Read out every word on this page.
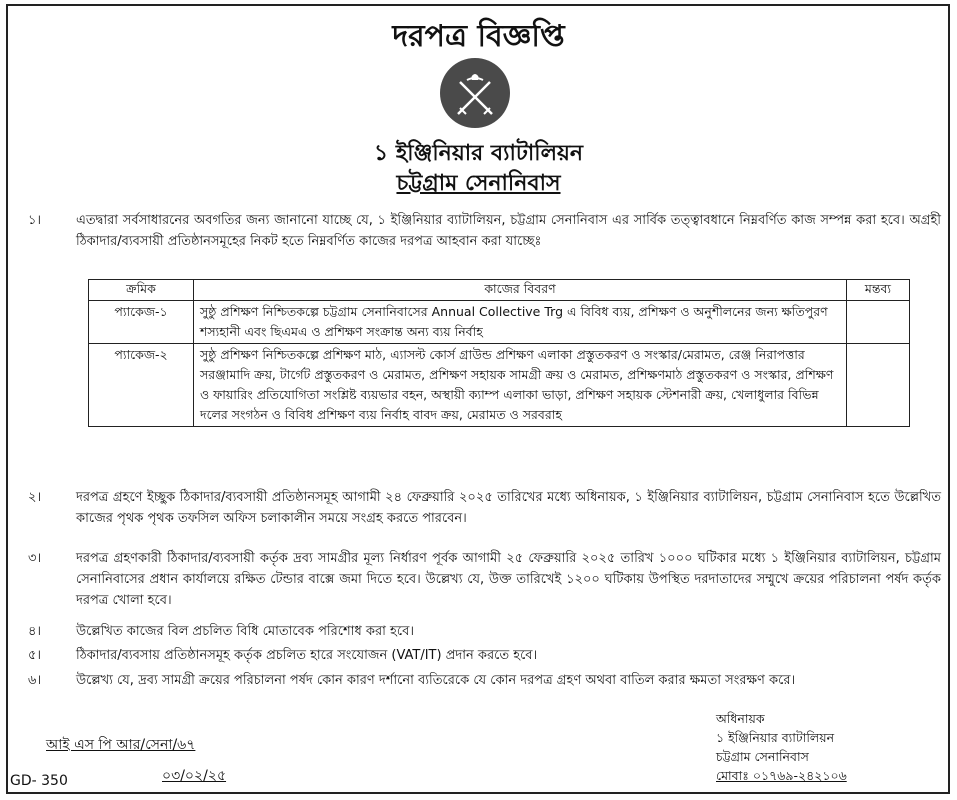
দরপত্র বিজ্ঞপ্তি
১ ইঞ্জিনিয়ার ব্যাটালিয়ন
চট্টগ্রাম সেনানিবাস
১।	এতদ্বারা সর্বসাধারনের অবগতির জন্য জানানো যাচ্ছে যে, ১ ইঞ্জিনিয়ার ব্যাটালিয়ন, চট্টগ্রাম সেনানিবাস এর সার্বিক তত্ত্বাবধানে নিম্নবর্ণিত কাজ সম্পন্ন করা হবে। অগ্রহী ঠিকাদার/ব্যবসায়ী প্রতিষ্ঠানসমূহের নিকট হতে নিম্নবর্ণিত কাজের দরপত্র আহবান করা যাচ্ছেঃ
ক্রমিক	কাজের বিবরণ	মন্তব্য
প্যাকেজ-১	সুষ্ঠু প্রশিক্ষণ নিশ্চিতকল্পে চট্টগ্রাম সেনানিবাসের Annual Collective Trg এ বিবিধ ব্যয়, প্রশিক্ষণ ও অনুশীলনের জন্য ক্ষতিপুরণ শস্যহানী এবং ছিএমএ ও প্রশিক্ষণ সংক্রান্ত অন্য ব্যয় নির্বাহ	
প্যাকেজ-২	সুষ্ঠু প্রশিক্ষণ নিশ্চিতকল্পে প্রশিক্ষণ মাঠ, এ্যাসল্ট কোর্স গ্রাউন্ড প্রশিক্ষণ এলাকা প্রস্তুতকরণ ও সংস্কার/মেরামত, রেঞ্জ নিরাপত্তার সরঞ্জামাদি ক্রয়, টার্গেট প্রস্তুতকরণ ও মেরামত, প্রশিক্ষণ সহায়ক সামগ্রী ক্রয় ও মেরামত, প্রশিক্ষণমাঠ প্রস্তুতকরণ ও সংস্কার, প্রশিক্ষণ ও ফায়ারিং প্রতিযোগিতা সংশ্লিষ্ট ব্যয়ভার বহন, অস্থায়ী ক্যাম্প এলাকা ভাড়া, প্রশিক্ষণ সহায়ক স্টেশনারী ক্রয়, খেলাধুলার বিভিন্ন দলের সংগঠন ও বিবিধ প্রশিক্ষণ ব্যয় নির্বাহ বাবদ ক্রয়, মেরামত ও সরবরাহ	
২।	দরপত্র গ্রহণে ইচ্ছুক ঠিকাদার/ব্যবসায়ী প্রতিষ্ঠানসমূহ আগামী ২৪ ফেব্রুয়ারি ২০২৫ তারিখের মধ্যে অধিনায়ক, ১ ইঞ্জিনিয়ার ব্যাটালিয়ন, চট্টগ্রাম সেনানিবাস হতে উল্লেখিত কাজের পৃথক পৃথক তফসিল অফিস চলাকালীন সময়ে সংগ্রহ করতে পারবেন।
৩।	দরপত্র গ্রহণকারী ঠিকাদার/ব্যবসায়ী কর্তৃক দ্রব্য সামগ্রীর মূল্য নির্ধারণ পূর্বক আগামী ২৫ ফেব্রুয়ারি ২০২৫ তারিখ ১০০০ ঘটিকার মধ্যে ১ ইঞ্জিনিয়ার ব্যাটালিয়ন, চট্টগ্রাম সেনানিবাসের প্রধান কার্যালয়ে রক্ষিত টেন্ডার বাক্সে জমা দিতে হবে। উল্লেখ্য যে, উক্ত তারিখেই ১২০০ ঘটিকায় উপস্থিত দরদাতাদের সম্মুখে ক্রয়ের পরিচালনা পর্ষদ কর্তৃক দরপত্র খোলা হবে।
৪।	উল্লেখিত কাজের বিল প্রচলিত বিধি মোতাবেক পরিশোধ করা হবে।
৫।	ঠিকাদার/ব্যবসায় প্রতিষ্ঠানসমূহ কর্তৃক প্রচলিত হারে সংযোজন (VAT/IT) প্রদান করতে হবে।
৬।	উল্লেখ্য যে, দ্রব্য সামগ্রী ক্রয়ের পরিচালনা পর্ষদ কোন কারণ দর্শানো ব্যতিরেকে যে কোন দরপত্র গ্রহণ অথবা বাতিল করার ক্ষমতা সংরক্ষণ করে।
অধিনায়ক
১ ইঞ্জিনিয়ার ব্যাটালিয়ন
চট্টগ্রাম সেনানিবাস
মোবাঃ ০১৭৬৯-২৪২১০৬
আই এস পি আর/সেনা/৬৭
০৩/০২/২৫
GD- 350
